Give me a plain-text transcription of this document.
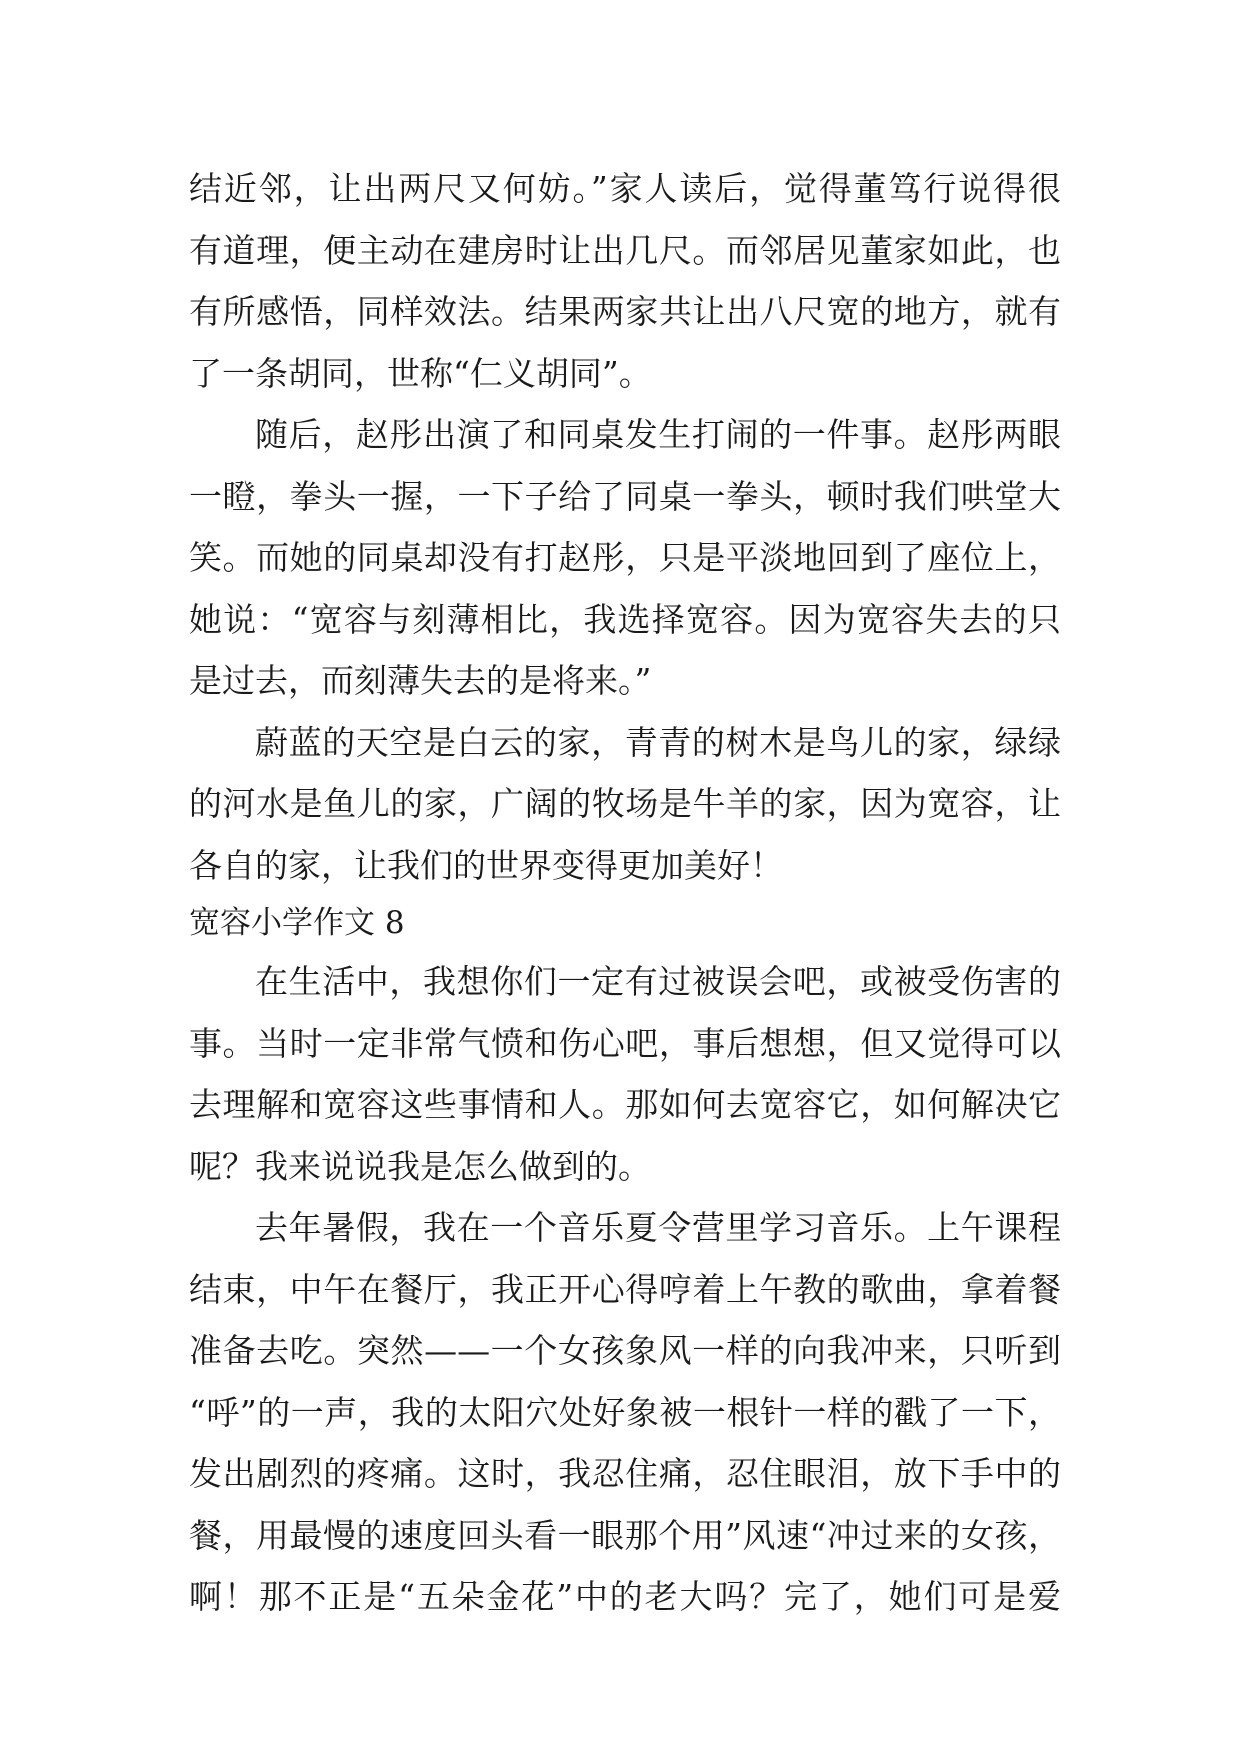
结近邻，让出两尺又何妨。”家人读后，觉得董笃行说得很
有道理，便主动在建房时让出几尺。而邻居见董家如此，也
有所感悟，同样效法。结果两家共让出八尺宽的地方，就有
了一条胡同，世称“仁义胡同”。
随后，赵彤出演了和同桌发生打闹的一件事。赵彤两眼
一瞪，拳头一握，一下子给了同桌一拳头，顿时我们哄堂大
笑。而她的同桌却没有打赵彤，只是平淡地回到了座位上，
她说：“宽容与刻薄相比，我选择宽容。因为宽容失去的只
是过去，而刻薄失去的是将来。”
蔚蓝的天空是白云的家，青青的树木是鸟儿的家，绿绿
的河水是鱼儿的家，广阔的牧场是牛羊的家，因为宽容，让
各自的家，让我们的世界变得更加美好！
宽容小学作文 8
在生活中，我想你们一定有过被误会吧，或被受伤害的
事。当时一定非常气愤和伤心吧，事后想想，但又觉得可以
去理解和宽容这些事情和人。那如何去宽容它，如何解决它
呢？我来说说我是怎么做到的。
去年暑假，我在一个音乐夏令营里学习音乐。上午课程
结束，中午在餐厅，我正开心得哼着上午教的歌曲，拿着餐
准备去吃。突然——一个女孩象风一样的向我冲来，只听到
“呼”的一声，我的太阳穴处好象被一根针一样的戳了一下，
发出剧烈的疼痛。这时，我忍住痛，忍住眼泪，放下手中的
餐，用最慢的速度回头看一眼那个用”风速“冲过来的女孩，
啊！那不正是“五朵金花”中的老大吗？完了，她们可是爱
